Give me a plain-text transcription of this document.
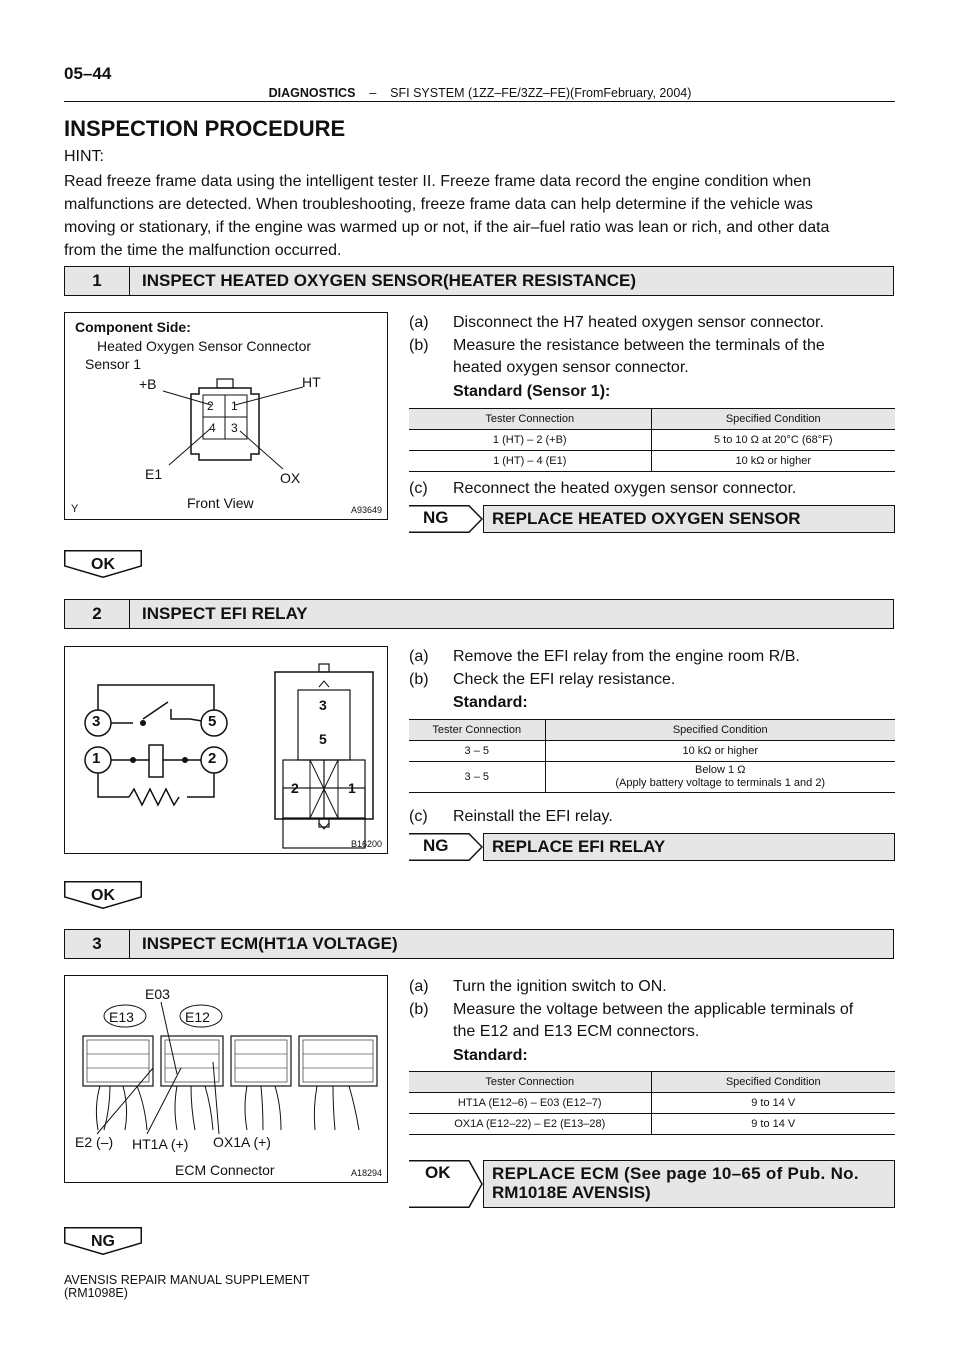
05–44
DIAGNOSTICS – SFI SYSTEM (1ZZ–FE/3ZZ–FE)(FromFebruary, 2004)
INSPECTION PROCEDURE
HINT:
Read freeze frame data using the intelligent tester II. Freeze frame data record the engine condition when
malfunctions are detected. When troubleshooting, freeze frame data can help determine if the vehicle was
moving or stationary, if the engine was warmed up or not, if the air–fuel ratio was lean or rich, and other data
from the time the malfunction occurred.
1	INSPECT HEATED OXYGEN SENSOR(HEATER RESISTANCE)
Component Side:
Heated Oxygen Sensor Connector
Sensor 1
+B	HT
E1	OX
2 1
4 3
Front View
Y	A93649
(a) Disconnect the H7 heated oxygen sensor connector.
(b) Measure the resistance between the terminals of the
heated oxygen sensor connector.
Standard (Sensor 1):
Tester Connection	Specified Condition
1 (HT) – 2 (+B)	5 to 10 Ω at 20°C (68°F)
1 (HT) – 4 (E1)	10 kΩ or higher
(c) Reconnect the heated oxygen sensor connector.
NG	REPLACE HEATED OXYGEN SENSOR
OK
2	INSPECT EFI RELAY
3	5
1	2
3
5
2	1
B16200
(a) Remove the EFI relay from the engine room R/B.
(b) Check the EFI relay resistance.
Standard:
Tester Connection	Specified Condition
3 – 5	10 kΩ or higher
3 – 5	Below 1 Ω
(Apply battery voltage to terminals 1 and 2)
(c) Reinstall the EFI relay.
NG	REPLACE EFI RELAY
OK
3	INSPECT ECM(HT1A VOLTAGE)
E03
E13	E12
E2 (–) HT1A (+) OX1A (+)
ECM Connector	A18294
(a) Turn the ignition switch to ON.
(b) Measure the voltage between the applicable terminals of
the E12 and E13 ECM connectors.
Standard:
Tester Connection	Specified Condition
HT1A (E12–6) – E03 (E12–7)	9 to 14 V
OX1A (E12–22) – E2 (E13–28)	9 to 14 V
OK REPLACE ECM (See page 10–65 of Pub. No.
RM1018E AVENSIS)
NG
AVENSIS REPAIR MANUAL SUPPLEMENT
(RM1098E)
